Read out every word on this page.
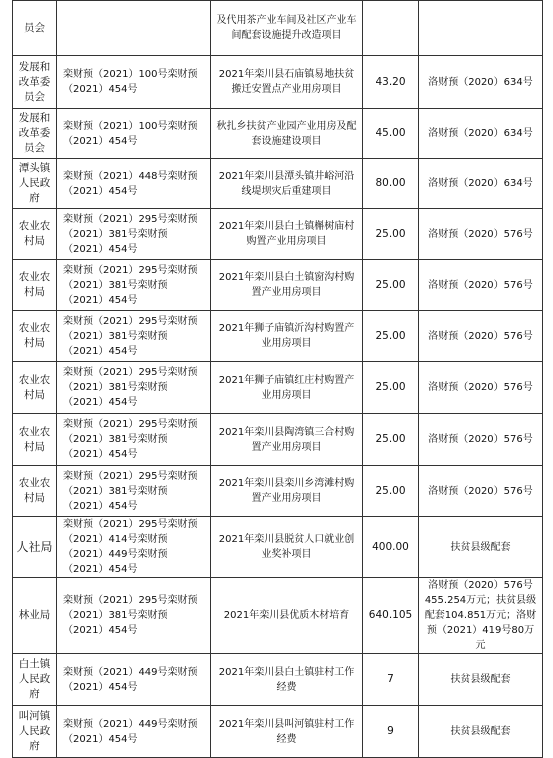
员会		及代用茶产业车间及社区产业车间配套设施提升改造项目		
发展和改革委员会	栾财预（2021）100号栾财预（2021）454号	2021年栾川县石庙镇易地扶贫搬迁安置点产业用房项目	43.20	洛财预（2020）634号
发展和改革委员会	栾财预（2021）100号栾财预（2021）454号	秋扎乡扶贫产业园产业用房及配套设施建设项目	45.00	洛财预（2020）634号
潭头镇人民政府	栾财预（2021）448号栾财预（2021）454号	2021年栾川县潭头镇井峪河沿线堤坝灾后重建项目	80.00	洛财预（2020）634号
农业农村局	栾财预（2021）295号栾财预（2021）381号栾财预（2021）454号	2021年栾川县白土镇槲树庙村购置产业用房项目	25.00	洛财预（2020）576号
农业农村局	栾财预（2021）295号栾财预（2021）381号栾财预（2021）454号	2021年栾川县白土镇窗沟村购置产业用房项目	25.00	洛财预（2020）576号
农业农村局	栾财预（2021）295号栾财预（2021）381号栾财预（2021）454号	2021年狮子庙镇沂沟村购置产业用房项目	25.00	洛财预（2020）576号
农业农村局	栾财预（2021）295号栾财预（2021）381号栾财预（2021）454号	2021年狮子庙镇红庄村购置产业用房项目	25.00	洛财预（2020）576号
农业农村局	栾财预（2021）295号栾财预（2021）381号栾财预（2021）454号	2021年栾川县陶湾镇三合村购置产业用房项目	25.00	洛财预（2020）576号
农业农村局	栾财预（2021）295号栾财预（2021）381号栾财预（2021）454号	2021年栾川县栾川乡湾滩村购置产业用房项目	25.00	洛财预（2020）576号
人社局	栾财预（2021）295号栾财预（2021）414号栾财预（2021）449号栾财预（2021）454号	2021年栾川县脱贫人口就业创业奖补项目	400.00	扶贫县级配套
林业局	栾财预（2021）295号栾财预（2021）381号栾财预（2021）454号	2021年栾川县优质木材培育	640.105	洛财预（2020）576号455.254万元；扶贫县级配套104.851万元；洛财预（2021）419号80万元
白土镇人民政府	栾财预（2021）449号栾财预（2021）454号	2021年栾川县白土镇驻村工作经费	7	扶贫县级配套
叫河镇人民政府	栾财预（2021）449号栾财预（2021）454号	2021年栾川县叫河镇驻村工作经费	9	扶贫县级配套
